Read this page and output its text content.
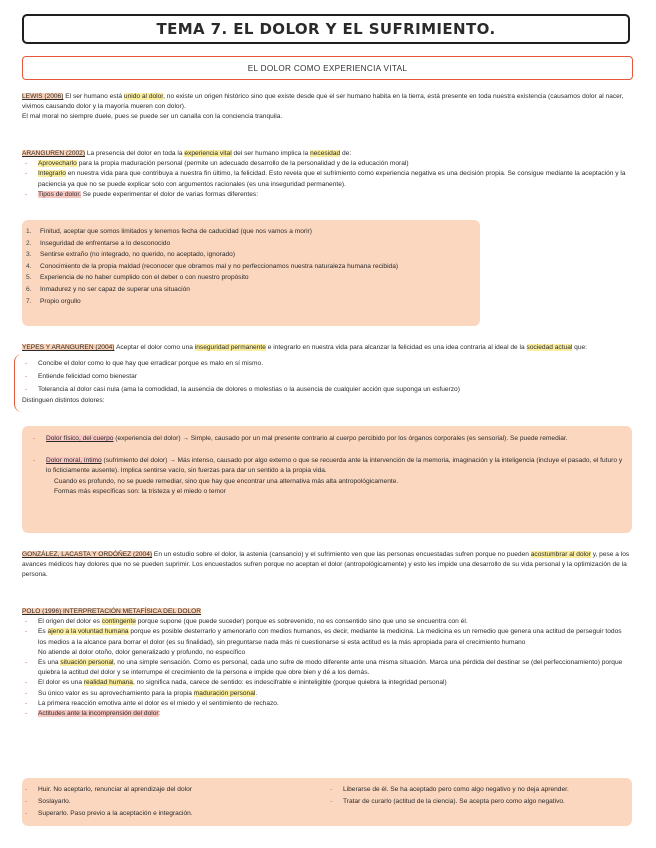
TEMA 7. EL DOLOR Y EL SUFRIMIENTO.
EL DOLOR COMO EXPERIENCIA VITAL

LEWIS (2006) El ser humano está unido al dolor, no existe un origen histórico sino que existe desde que el ser humano habita en la tierra, está presente en toda nuestra existencia (causamos dolor al nacer, vivimos causando dolor y la mayoría mueren con dolor).

El mal moral no siempre duele, pues se puede ser un canalla con la conciencia tranquila.

ARANGUREN (2002) La presencia del dolor en toda la experiencia vital del ser humano implica la necesidad de:

- Aprovecharlo para la propia maduración personal (permite un adecuado desarrollo de la personalidad y de la educación moral)
- Integrarlo en nuestra vida para que contribuya a nuestra fin último, la felicidad. Esto revela que el sufrimiento como experiencia negativa es una decisión propia. Se consigue mediante la aceptación y la paciencia ya que no se puede explicar solo con argumentos racionales (es una inseguridad permanente).
- Tipos de dolor. Se puede experimentar el dolor de varias formas diferentes:
1. Finitud, aceptar que somos limitados y tenemos fecha de caducidad (que nos vamos a morir)
2. Inseguridad de enfrentarse a lo desconocido
3. Sentirse extraño (no integrado, no querido, no aceptado, ignorado)
4. Conocimiento de la propia maldad (reconocer que obramos mal y no perfeccionamos nuestra naturaleza humana recibida)
5. Experiencia de no haber cumplido con el deber o con nuestro propósito
6. Inmadurez y no ser capaz de superar una situación
7. Propio orgullo

YEPES Y ARANGUREN (2004) Aceptar el dolor como una inseguridad permanente e integrarlo en nuestra vida para alcanzar la felicidad es una idea contraria al ideal de la sociedad actual que:

- Concibe el dolor como lo que hay que erradicar porque es malo en sí mismo.
- Entiende felicidad como bienestar
- Tolerancia al dolor casi nula (ama la comodidad, la ausencia de dolores o molestias o la ausencia de cualquier acción que suponga un esfuerzo)

Distinguen distintos dolores:

- Dolor físico, del cuerpo (experiencia del dolor) → Simple, causado por un mal presente contrario al cuerpo percibido por los órganos corporales (es sensorial). Se puede remediar.
- Dolor moral, íntimo (sufrimiento del dolor) → Más intenso, causado por algo externo o que se recuerda ante la intervención de la memoria, imaginación y la inteligencia (incluye el pasado, el futuro y lo ficticiamente ausente). Implica sentirse vacío, sin fuerzas para dar un sentido a la propia vida.

Cuando es profundo, no se puede remediar, sino que hay que encontrar una alternativa más alta antropológicamente.

Formas más específicas son: la tristeza y el miedo o temor

GONZÁLEZ, LACASTA Y ORDÓÑEZ (2004) En un estudio sobre el dolor, la astenia (cansancio) y el sufrimiento ven que las personas encuestadas sufren porque no pueden acostumbrar al dolor y, pese a los avances médicos hay dolores que no se pueden suprimir. Los encuestados sufren porque no aceptan el dolor (antropológicamente) y esto les impide una desarrollo de su vida personal y la optimización de la persona.

POLO (1996) INTERPRETACIÓN METAFÍSICA DEL DOLOR

- El origen del dolor es contingente porque supone (que puede suceder) porque es sobrevenido, no es consentido sino que uno se encuentra con él.
- Es ajeno a la voluntad humana porque es posible desterrarlo y amenorarlo con medios humanos, es decir, mediante la medicina. La medicina es un remedio que genera una actitud de perseguir todos los medios a la alcance para borrar el dolor (es su finalidad), sin preguntarse nada más ni cuestionarse si esta actitud es la más apropiada para el crecimiento humano
No atiende al dolor otoño, dolor generalizado y profundo, no específico
- Es una situación personal, no una simple sensación. Como es personal, cada uno sufre de modo diferente ante una misma situación. Marca una pérdida del destinar se (del perfeccionamiento) porque quiebra la actitud del dolor y se interrumpe el crecimiento de la persona e impide que obre bien y dé a los demás.
- El dolor es una realidad humana, no significa nada, carece de sentido: es indescifrable e ininteligible (porque quiebra la integridad personal)
- Su único valor es su aprovechamiento para la propia maduración personal.
- La primera reacción emotiva ante el dolor es el miedo y el sentimiento de rechazo.
- Actitudes ante la incomprensión del dolor:
- Huir. No aceptarlo, renunciar al aprendizaje del dolor
- Soslayarlo.
- Superarlo. Paso previo a la aceptación e integración.
- Liberarse de él. Se ha aceptado pero como algo negativo y no deja aprender.
- Tratar de curarlo (actitud de la ciencia). Se acepta pero como algo negativo.
